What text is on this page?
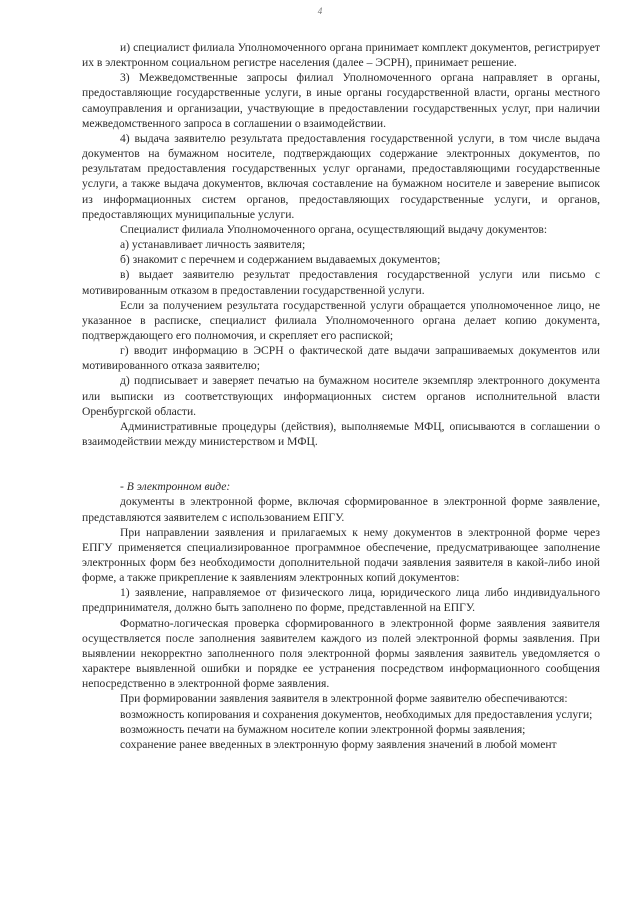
4

и) специалист филиала Уполномоченного органа принимает комплект документов, регистрирует их в электронном социальном регистре населения (далее – ЭСРН), принимает решение.

3) Межведомственные запросы филиал Уполномоченного органа направляет в органы, предоставляющие государственные услуги, в иные органы государственной власти, органы местного самоуправления и организации, участвующие в предоставлении государственных услуг, при наличии межведомственного запроса в соглашении о взаимодействии.

4) выдача заявителю результата предоставления государственной услуги, в том числе выдача документов на бумажном носителе, подтверждающих содержание электронных документов, по результатам предоставления государственных услуг органами, предоставляющими государственные услуги, а также выдача документов, включая составление на бумажном носителе и заверение выписок из информационных систем органов, предоставляющих государственные услуги, и органов, предоставляющих муниципальные услуги.

Специалист филиала Уполномоченного органа, осуществляющий выдачу документов:

а) устанавливает личность заявителя;

б) знакомит с перечнем и содержанием выдаваемых документов;

в) выдает заявителю результат предоставления государственной услуги или письмо с мотивированным отказом в предоставлении государственной услуги.

Если за получением результата государственной услуги обращается уполномоченное лицо, не указанное в расписке, специалист филиала Уполномоченного органа делает копию документа, подтверждающего его полномочия, и скрепляет его распиской;

г) вводит информацию в ЭСРН о фактической дате выдачи запрашиваемых документов или мотивированного отказа заявителю;

д) подписывает и заверяет печатью на бумажном носителе экземпляр электронного документа или выписки из соответствующих информационных систем органов исполнительной власти Оренбургской области.

Административные процедуры (действия), выполняемые МФЦ, описываются в соглашении о взаимодействии между министерством и МФЦ.

- В электронном виде:

документы в электронной форме, включая сформированное в электронной форме заявление, представляются заявителем с использованием ЕПГУ.

При направлении заявления и прилагаемых к нему документов в электронной форме через ЕПГУ применяется специализированное программное обеспечение, предусматривающее заполнение электронных форм без необходимости дополнительной подачи заявления заявителя в какой-либо иной форме, а также прикрепление к заявлениям электронных копий документов:

1) заявление, направляемое от физического лица, юридического лица либо индивидуального предпринимателя, должно быть заполнено по форме, представленной на ЕПГУ.

Форматно-логическая проверка сформированного в электронной форме заявления заявителя осуществляется после заполнения заявителем каждого из полей электронной формы заявления. При выявлении некорректно заполненного поля электронной формы заявления заявитель уведомляется о характере выявленной ошибки и порядке ее устранения посредством информационного сообщения непосредственно в электронной форме заявления.

При формировании заявления заявителя в электронной форме заявителю обеспечиваются:

возможность копирования и сохранения документов, необходимых для предоставления услуги;

возможность печати на бумажном носителе копии электронной формы заявления;

сохранение ранее введенных в электронную форму заявления значений в любой момент
